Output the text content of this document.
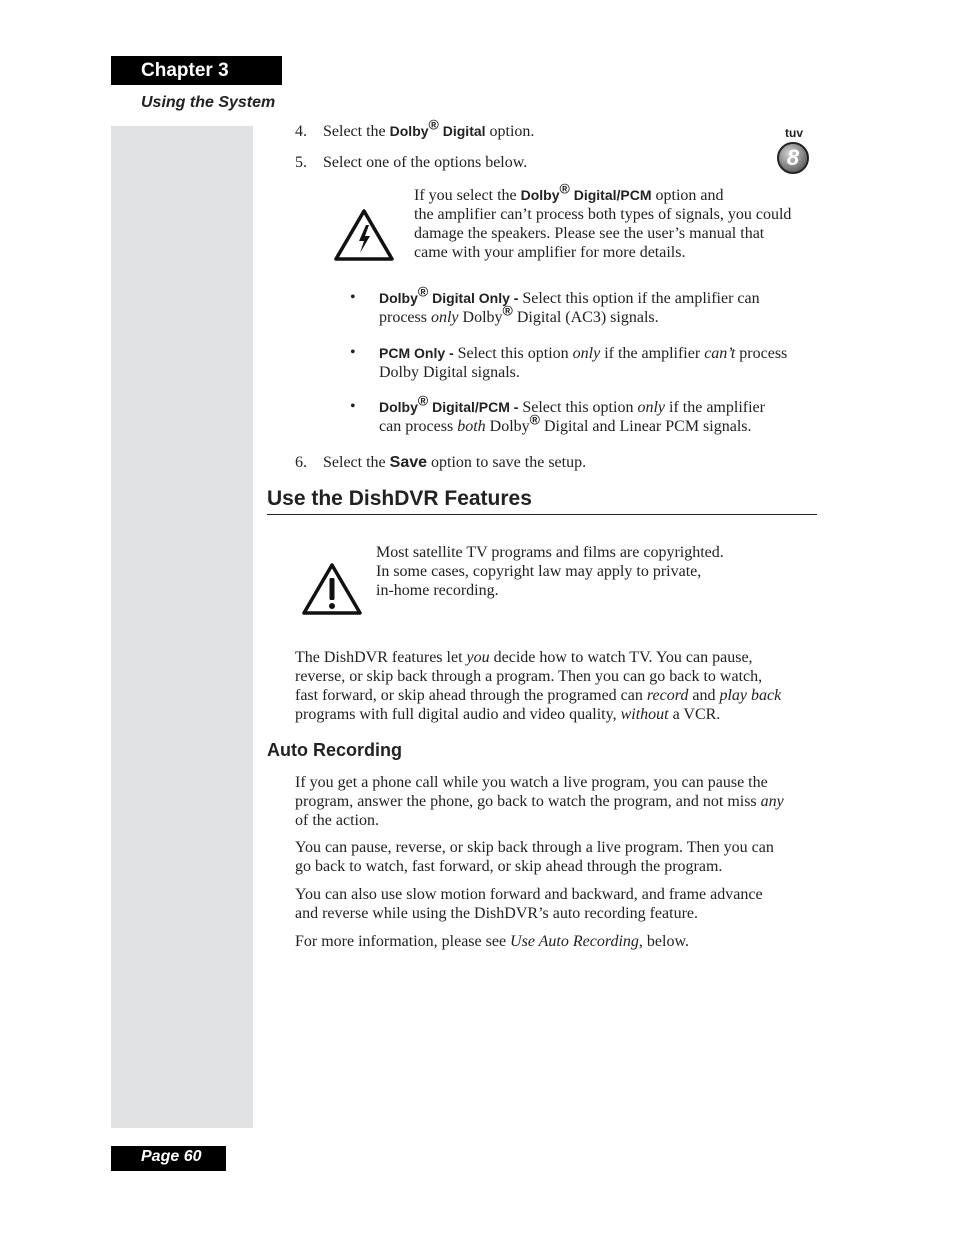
Chapter 3
Using the System
4. Select the Dolby® Digital option.	tuv
8
5. Select one of the options below.
If you select the Dolby® Digital/PCM option and
the amplifier can’t process both types of signals, you could
damage the speakers. Please see the user’s manual that
came with your amplifier for more details.
• Dolby® Digital Only - Select this option if the amplifier can
process only Dolby® Digital (AC3) signals.
• PCM Only - Select this option only if the amplifier can’t process
Dolby Digital signals.
• Dolby® Digital/PCM - Select this option only if the amplifier
can process both Dolby® Digital and Linear PCM signals.
6. Select the Save option to save the setup.
Use the DishDVR Features
Most satellite TV programs and films are copyrighted.
In some cases, copyright law may apply to private,
in-home recording.
The DishDVR features let you decide how to watch TV. You can pause,
reverse, or skip back through a program. Then you can go back to watch,
fast forward, or skip ahead through the programed can record and play back
programs with full digital audio and video quality, without a VCR.
Auto Recording
If you get a phone call while you watch a live program, you can pause the
program, answer the phone, go back to watch the program, and not miss any
of the action.
You can pause, reverse, or skip back through a live program. Then you can
go back to watch, fast forward, or skip ahead through the program.
You can also use slow motion forward and backward, and frame advance
and reverse while using the DishDVR’s auto recording feature.
For more information, please see Use Auto Recording, below.
Page 60
